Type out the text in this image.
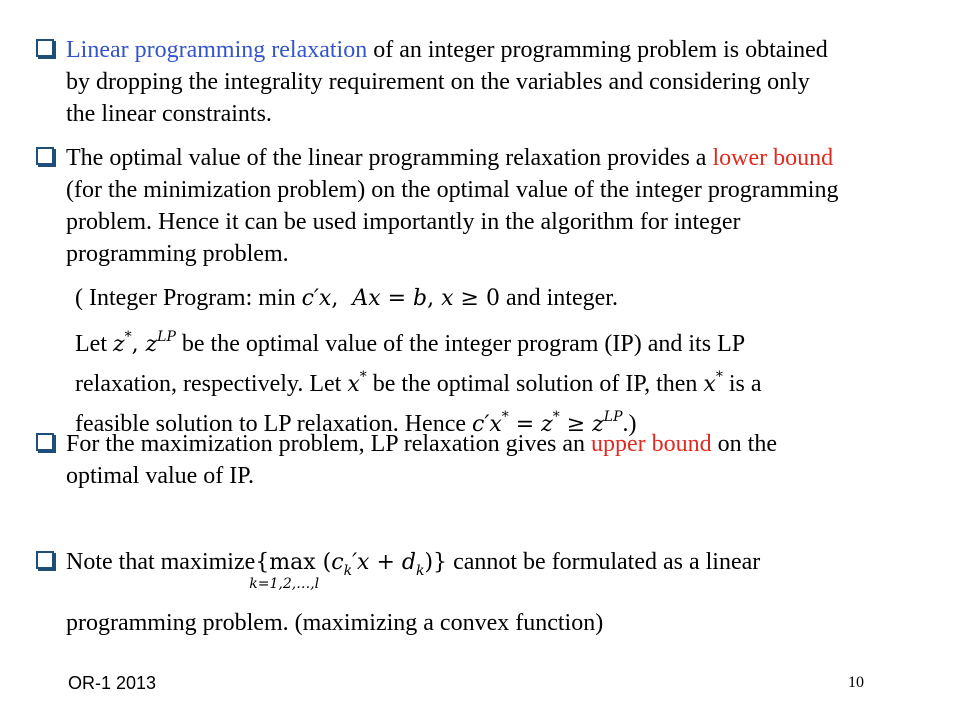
Linear programming relaxation of an integer programming problem is obtained
by dropping the integrality requirement on the variables and considering only
the linear constraints.
The optimal value of the linear programming relaxation provides a lower bound
(for the minimization problem) on the optimal value of the integer programming
problem. Hence it can be used importantly in the algorithm for integer
programming problem.
( Integer Program: min c′x,  Ax = b, x ≥ 0 and integer.
Let z*, $z^{LP}$ be the optimal value of the integer program (IP) and its LP
relaxation, respectively. Let x* be the optimal solution of IP, then x* is a
feasible solution to LP relaxation. Hence $c'x^* = z^* \ge z^{LP}$.)
For the maximization problem, LP relaxation gives an upper bound on the
optimal value of IP.
Note that maximize{max
k=1,2,…,l
$(c_k'x + d_k)$} cannot be formulated as a linear
programming problem. (maximizing a convex function)
OR-1 2013	10
